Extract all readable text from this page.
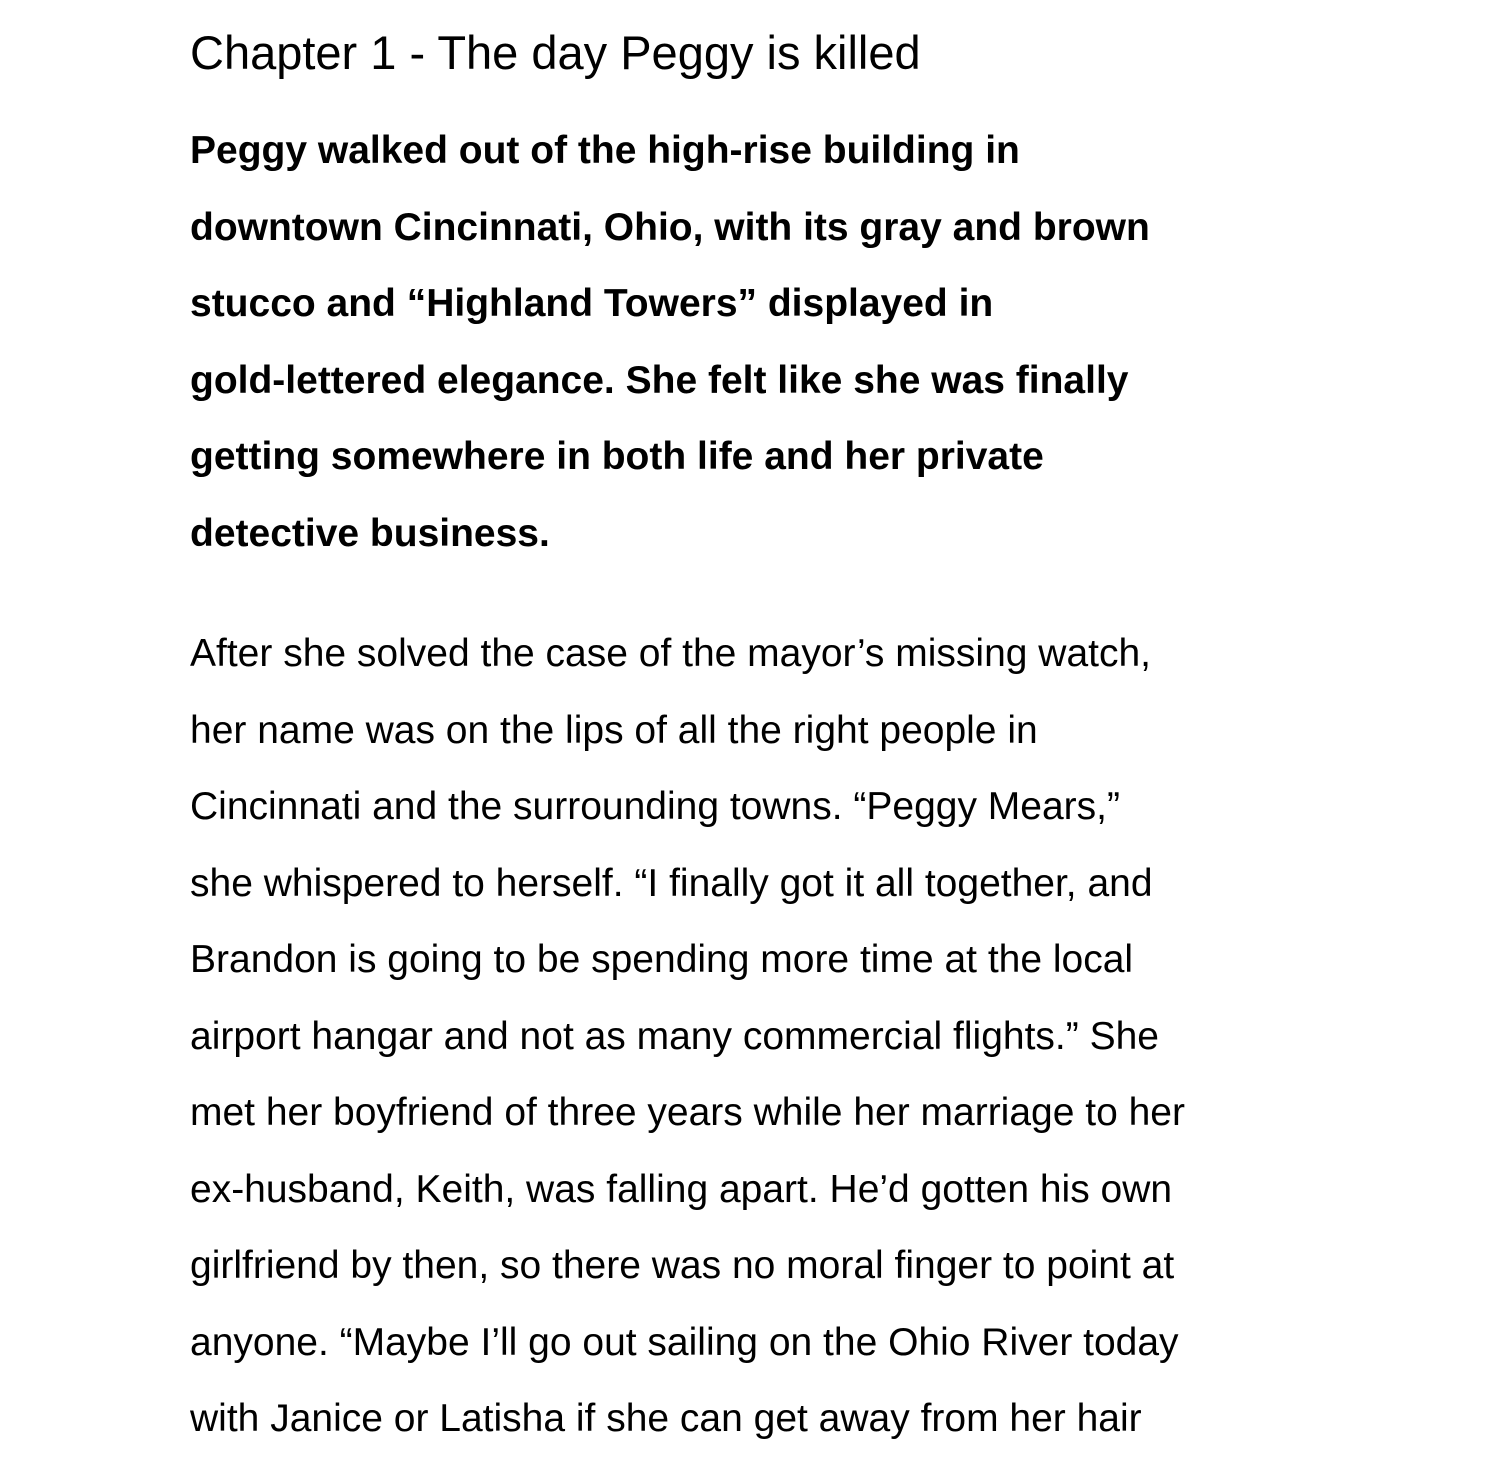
Chapter 1 - The day Peggy is killed

Peggy walked out of the high-rise building in

downtown Cincinnati, Ohio, with its gray and brown

stucco and “Highland Towers” displayed in

gold-lettered elegance. She felt like she was finally

getting somewhere in both life and her private

detective business.

After she solved the case of the mayor’s missing watch,

her name was on the lips of all the right people in

Cincinnati and the surrounding towns. “Peggy Mears,”

she whispered to herself. “I finally got it all together, and

Brandon is going to be spending more time at the local

airport hangar and not as many commercial flights.” She

met her boyfriend of three years while her marriage to her

ex-husband, Keith, was falling apart. He’d gotten his own

girlfriend by then, so there was no moral finger to point at

anyone. “Maybe I’ll go out sailing on the Ohio River today

with Janice or Latisha if she can get away from her hair
